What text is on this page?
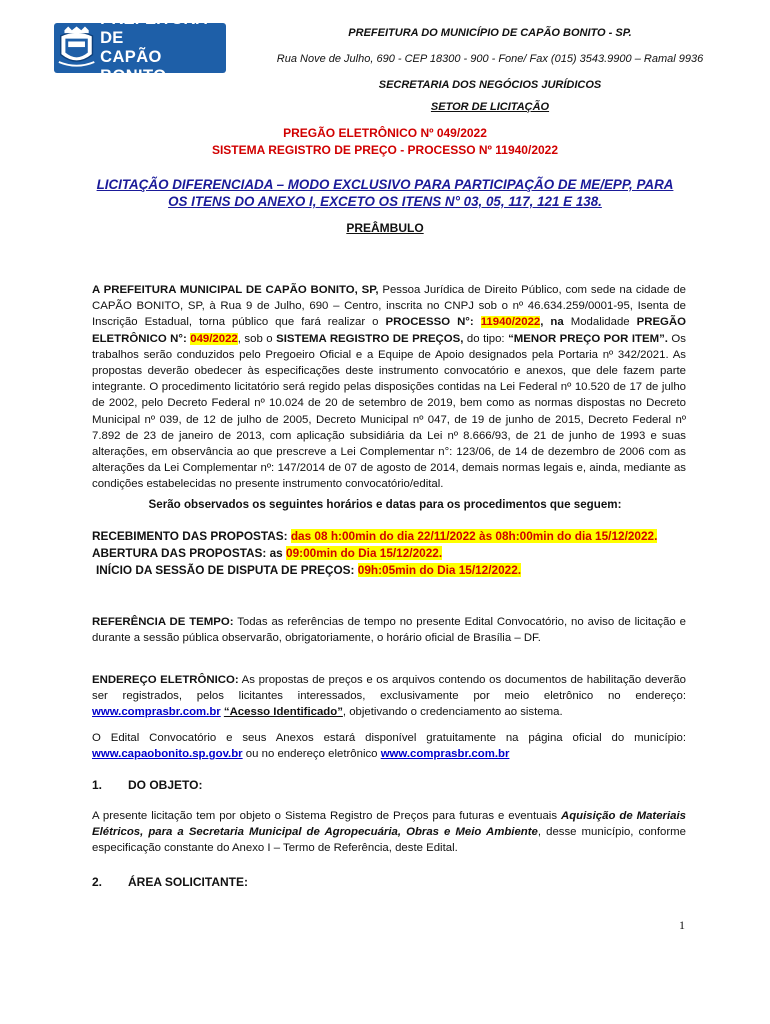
PREFEITURA DE
CAPÃO BONITO
PREFEITURA DO MUNICÍPIO DE CAPÃO BONITO - SP.
Rua Nove de Julho, 690 - CEP 18300 - 900 - Fone/ Fax (015) 3543.9900 – Ramal 9936
SECRETARIA DOS NEGÓCIOS JURÍDICOS
SETOR DE LICITAÇÃO
PREGÃO ELETRÔNICO Nº 049/2022
SISTEMA REGISTRO DE PREÇO - PROCESSO Nº 11940/2022
LICITAÇÃO DIFERENCIADA – MODO EXCLUSIVO PARA PARTICIPAÇÃO DE ME/EPP, PARA
OS ITENS DO ANEXO I, EXCETO OS ITENS N° 03, 05, 117, 121 E 138.
PREÂMBULO
A PREFEITURA MUNICIPAL DE CAPÃO BONITO, SP, Pessoa Jurídica de Direito Público, com sede na cidade de CAPÃO BONITO, SP, à Rua 9 de Julho, 690 – Centro, inscrita no CNPJ sob o nº 46.634.259/0001-95, Isenta de Inscrição Estadual, torna público que fará realizar o PROCESSO N°: 11940/2022, na Modalidade PREGÃO ELETRÔNICO N°: 049/2022, sob o SISTEMA REGISTRO DE PREÇOS, do tipo: “MENOR PREÇO POR ITEM”. Os trabalhos serão conduzidos pelo Pregoeiro Oficial e a Equipe de Apoio designados pela Portaria nº 342/2021. As propostas deverão obedecer às especificações deste instrumento convocatório e anexos, que dele fazem parte integrante. O procedimento licitatório será regido pelas disposições contidas na Lei Federal nº 10.520 de 17 de julho de 2002, pelo Decreto Federal nº 10.024 de 20 de setembro de 2019, bem como as normas dispostas no Decreto Municipal nº 039, de 12 de julho de 2005, Decreto Municipal nº 047, de 19 de junho de 2015, Decreto Federal nº 7.892 de 23 de janeiro de 2013, com aplicação subsidiária da Lei nº 8.666/93, de 21 de junho de 1993 e suas alterações, em observância ao que prescreve a Lei Complementar n°: 123/06, de 14 de dezembro de 2006 com as alterações da Lei Complementar nº: 147/2014 de 07 de agosto de 2014, demais normas legais e, ainda, mediante as condições estabelecidas no presente instrumento convocatório/edital.
Serão observados os seguintes horários e datas para os procedimentos que seguem:
RECEBIMENTO DAS PROPOSTAS: das 08 h:00min do dia 22/11/2022 às 08h:00min do dia 15/12/2022.
ABERTURA DAS PROPOSTAS: as 09:00min do Dia 15/12/2022.
INÍCIO DA SESSÃO DE DISPUTA DE PREÇOS: 09h:05min do Dia 15/12/2022.
REFERÊNCIA DE TEMPO: Todas as referências de tempo no presente Edital Convocatório, no aviso de licitação e durante a sessão pública observarão, obrigatoriamente, o horário oficial de Brasília – DF.
ENDEREÇO ELETRÔNICO: As propostas de preços e os arquivos contendo os documentos de habilitação deverão ser registrados, pelos licitantes interessados, exclusivamente por meio eletrônico no endereço: www.comprasbr.com.br “Acesso Identificado”, objetivando o credenciamento ao sistema.
O Edital Convocatório e seus Anexos estará disponível gratuitamente na página oficial do município: www.capaobonito.sp.gov.br ou no endereço eletrônico www.comprasbr.com.br
1. DO OBJETO:
A presente licitação tem por objeto o Sistema Registro de Preços para futuras e eventuais Aquisição de Materiais Elétricos, para a Secretaria Municipal de Agropecuária, Obras e Meio Ambiente, desse município, conforme especificação constante do Anexo I – Termo de Referência, deste Edital.
2. ÁREA SOLICITANTE:
1
